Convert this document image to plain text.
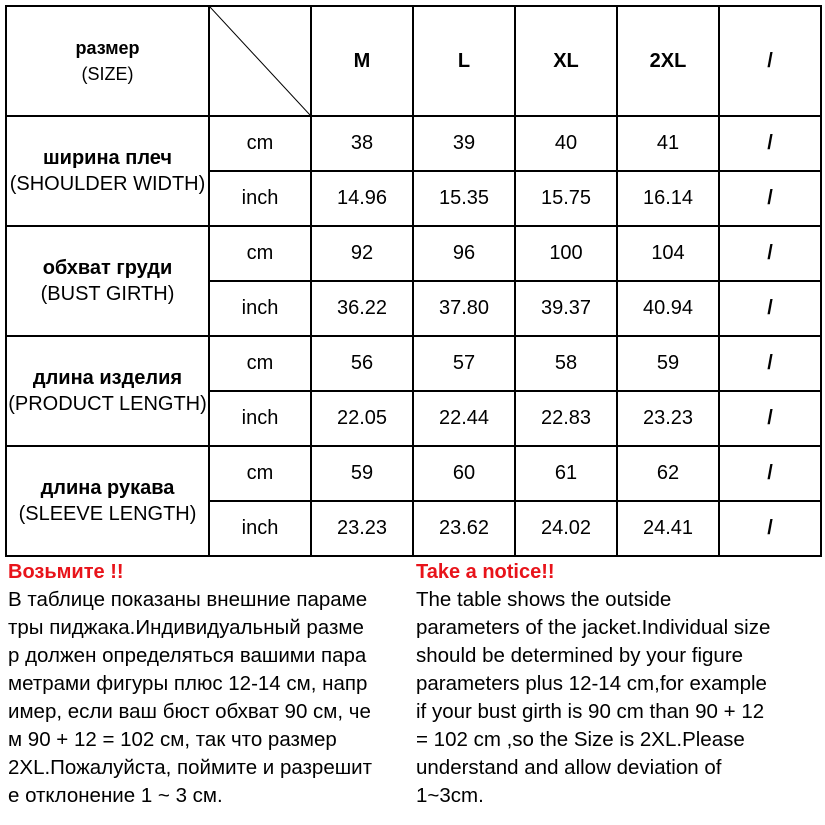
размер
(SIZE)		M	L	XL	2XL	/

ширина плеч
(SHOULDER WIDTH)	cm	38	39	40	41	/
	inch	14.96	15.35	15.75	16.14	/

обхват груди
(BUST GIRTH)	cm	92	96	100	104	/
	inch	36.22	37.80	39.37	40.94	/

длина изделия
(PRODUCT LENGTH)	cm	56	57	58	59	/
	inch	22.05	22.44	22.83	23.23	/

длина рукава
(SLEEVE LENGTH)	cm	59	60	61	62	/
	inch	23.23	23.62	24.02	24.41	/
Возьмите !!
В таблице показаны внешние параме
тры пиджака.Индивидуальный разме
р должен определяться вашими пара
метрами фигуры плюс 12-14 см, напр
имер, если ваш бюст обхват 90 см, че
м 90 + 12 = 102 см, так что размер
2XL.Пожалуйста, поймите и разрешит
е отклонение 1 ~ 3 см.
Take a notice!!
The table shows the outside
parameters of the jacket.Individual size
should be determined by your figure
parameters plus 12-14 cm,for example
if your bust girth is 90 cm than 90 + 12
= 102 cm ,so the Size is 2XL.Please
understand and allow deviation of
1~3cm.
